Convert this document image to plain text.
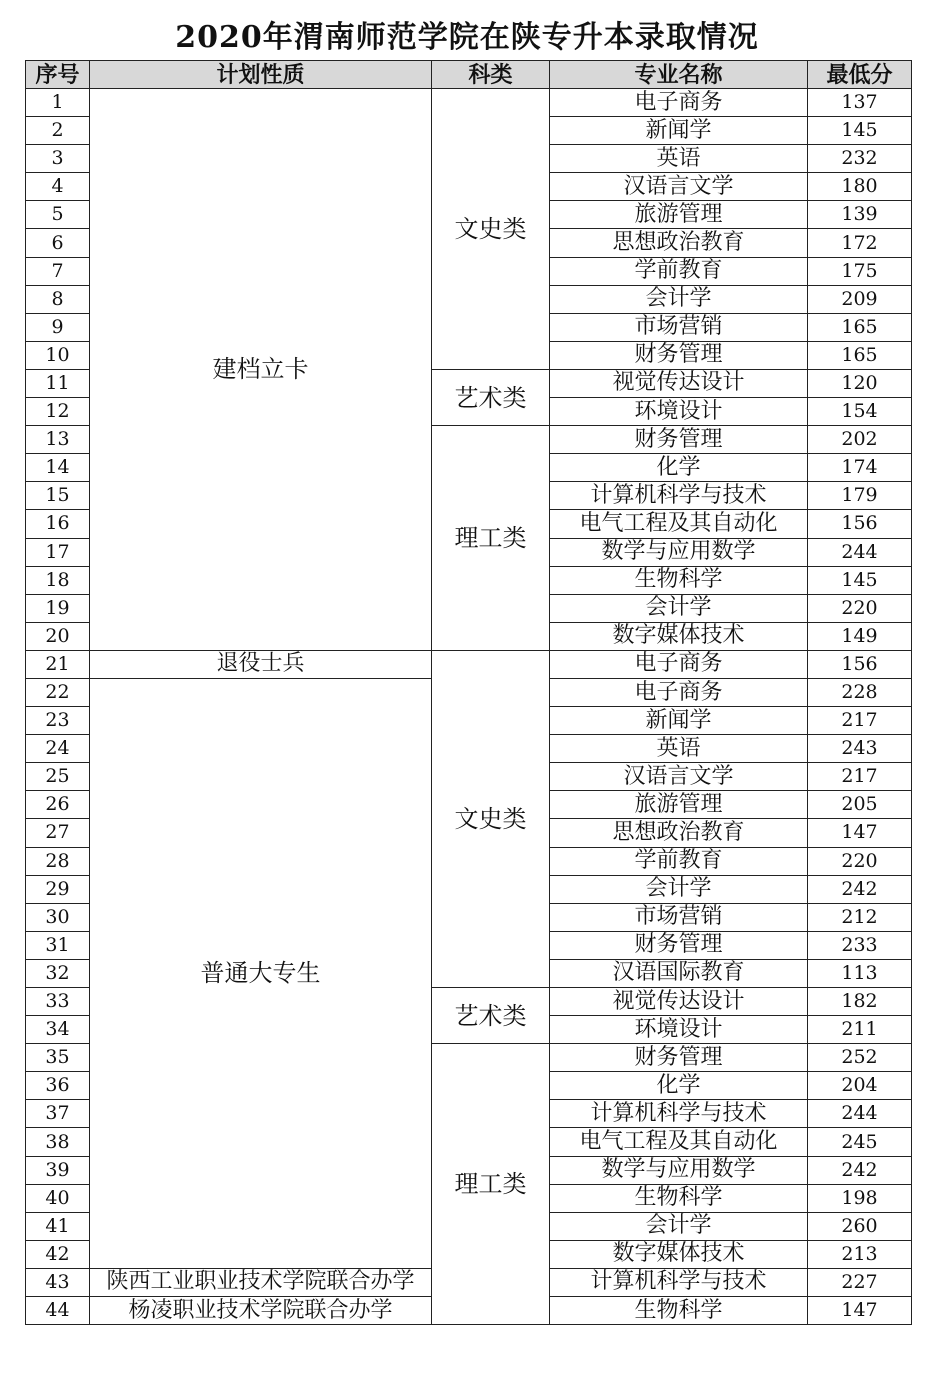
2020年渭南师范学院在陕专升本录取情况
序号	计划性质	科类	专业名称	最低分
1	建档立卡	文史类	电子商务	137
2			新闻学	145
3			英语	232
4			汉语言文学	180
5			旅游管理	139
6			思想政治教育	172
7			学前教育	175
8			会计学	209
9			市场营销	165
10			财务管理	165
11		艺术类	视觉传达设计	120
12			环境设计	154
13		理工类	财务管理	202
14			化学	174
15			计算机科学与技术	179
16			电气工程及其自动化	156
17			数学与应用数学	244
18			生物科学	145
19			会计学	220
20			数字媒体技术	149
21	退役士兵	文史类	电子商务	156
22	普通大专生		电子商务	228
23			新闻学	217
24			英语	243
25			汉语言文学	217
26			旅游管理	205
27			思想政治教育	147
28			学前教育	220
29			会计学	242
30			市场营销	212
31			财务管理	233
32			汉语国际教育	113
33		艺术类	视觉传达设计	182
34			环境设计	211
35		理工类	财务管理	252
36			化学	204
37			计算机科学与技术	244
38			电气工程及其自动化	245
39			数学与应用数学	242
40			生物科学	198
41			会计学	260
42			数字媒体技术	213
43	陕西工业职业技术学院联合办学		计算机科学与技术	227
44	杨凌职业技术学院联合办学		生物科学	147
